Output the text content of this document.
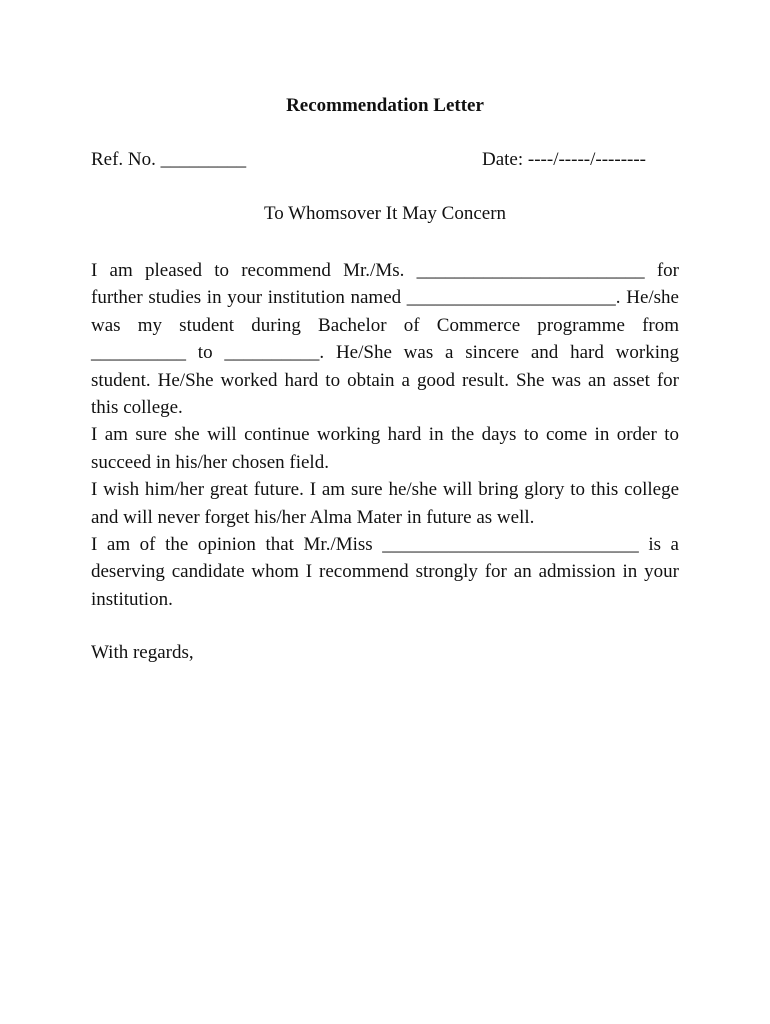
Recommendation Letter
Ref. No. _________	Date: ----/-----/--------
To Whomsover It May Concern

I am pleased to recommend Mr./Ms. ________________________ for further studies in your institution named ______________________. He/she was my student during Bachelor of Commerce programme from __________ to __________. He/She was a sincere and hard working student. He/She worked hard to obtain a good result. She was an asset for this college.

I am sure she will continue working hard in the days to come in order to succeed in his/her chosen field.

I wish him/her great future. I am sure he/she will bring glory to this college and will never forget his/her Alma Mater in future as well.

I am of the opinion that Mr./Miss ___________________________ is a deserving candidate whom I recommend strongly for an admission in your institution.

With regards,
